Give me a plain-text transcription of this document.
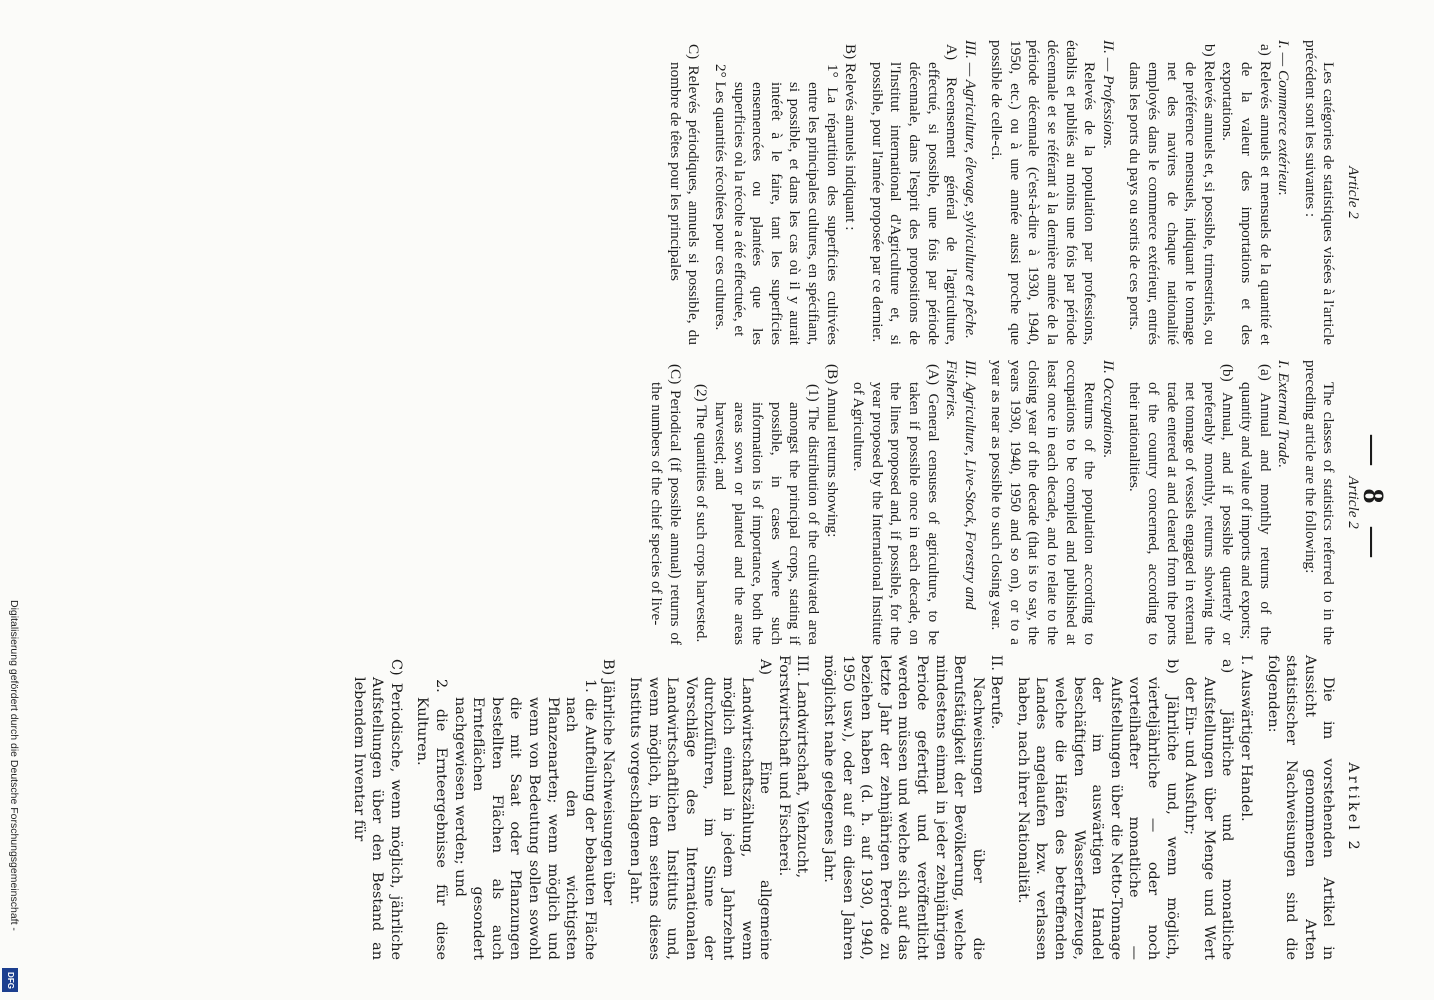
— 8 —

Article 2

Les catégories de statistiques visées à l'article précédent sont les suivantes :

I. — Commerce extérieur.

a) Relevés annuels et mensuels de la quantité et de la valeur des importations et des exportations.

b) Relevés annuels et, si possible, trimestriels, ou de préférence mensuels, indiquant le tonnage net des navires de chaque nationalité employés dans le commerce extérieur, entrés dans les ports du pays ou sortis de ces ports.

II. — Professions.

Relevés de la population par professions, établis et publiés au moins une fois par période décennale et se référant à la dernière année de la période décennale (c'est-à-dire à 1930, 1940, 1950, etc.) ou à une année aussi proche que possible de celle-ci.

III. — Agriculture, élevage, sylviculture et pêche.

A) Recensement général de l'agriculture, effectué, si possible, une fois par période décennale, dans l'esprit des propositions de l'Institut international d'Agriculture et, si possible, pour l'année proposée par ce dernier.

B) Relevés annuels indiquant :

1° La répartition des superficies cultivées entre les principales cultures, en spécifiant, si possible, et dans les cas où il y aurait intérêt à le faire, tant les superficies ensemencées ou plantées que les superficies où la récolte a été effectuée, et

2° Les quantités récoltées pour ces cultures.

C) Relevés périodiques, annuels si possible, du nombre de têtes pour les principales

Article 2

The classes of statistics referred to in the preceding article are the following:

I. External Trade.

(a) Annual and monthly returns of the quantity and value of imports and exports;

(b) Annual, and if possible quarterly or preferably monthly, returns showing the net tonnage of vessels engaged in external trade entered at and cleared from the ports of the country concerned, according to their nationalities.

II. Occupations.

Returns of the population according to occupations to be compiled and published at least once in each decade, and to relate to the closing year of the decade (that is to say, the years 1930, 1940, 1950 and so on), or to a year as near as possible to such closing year.

III. Agriculture, Live-Stock, Forestry and Fisheries.

(A) General censuses of agriculture, to be taken if possible once in each decade, on the lines proposed and, if possible, for the year proposed by the International Institute of Agriculture.

(B) Annual returns showing:

(1) The distribution of the cultivated area amongst the principal crops, stating if possible, in cases where such information is of importance, both the areas sown or planted and the areas harvested; and

(2) The quantities of such crops harvested.

(C) Periodical (if possible annual) returns of the numbers of the chief species of live-

Artikel 2

Die im vorstehenden Artikel in Aussicht genommenen Arten statistischer Nachweisungen sind die folgenden:

I. Auswärtiger Handel.

a) Jährliche und monatliche Aufstellungen über Menge und Wert der Ein- und Ausfuhr;

b) Jährliche und, wenn möglich, vierteljährliche — oder noch vorteilhafter monatliche — Aufstellungen über die Netto-Tonnage der im auswärtigen Handel beschäftigten Wasserfahrzeuge, welche die Häfen des betreffenden Landes angelaufen bzw. verlassen haben, nach ihrer Nationalität.

II. Berufe.

Nachweisungen über die Berufstätigkeit der Bevölkerung, welche mindestens einmal in jeder zehnjährigen Periode gefertigt und veröffentlicht werden müssen und welche sich auf das letzte Jahr der zehnjährigen Periode zu beziehen haben (d. h. auf 1930, 1940, 1950 usw.), oder auf ein diesen Jahren möglichst nahe gelegenes Jahr.

III. Landwirtschaft, Viehzucht, Forstwirtschaft und Fischerei.

A) Eine allgemeine Landwirtschaftszählung, wenn möglich einmal in jedem Jahrzehnt durchzuführen, im Sinne der Vorschläge des Internationalen Landwirtschaftlichen Instituts und, wenn möglich, in dem seitens dieses Instituts vorgeschlagenen Jahr.

B) Jährliche Nachweisungen über

1. die Aufteilung der bebauten Fläche nach den wichtigsten Pflanzenarten; wenn möglich und wenn von Bedeutung sollen sowohl die mit Saat oder Pflanzungen bestellten Flächen als auch Ernteflächen gesondert nachgewiesen werden; und

2. die Ernteergebnisse für diese Kulturen.

C) Periodische, wenn möglich, jährliche Aufstellungen über den Bestand an lebendem Inventar für

Digitalisierung gefördert durch die Deutsche Forschungsgemeinschaft -
DFG
